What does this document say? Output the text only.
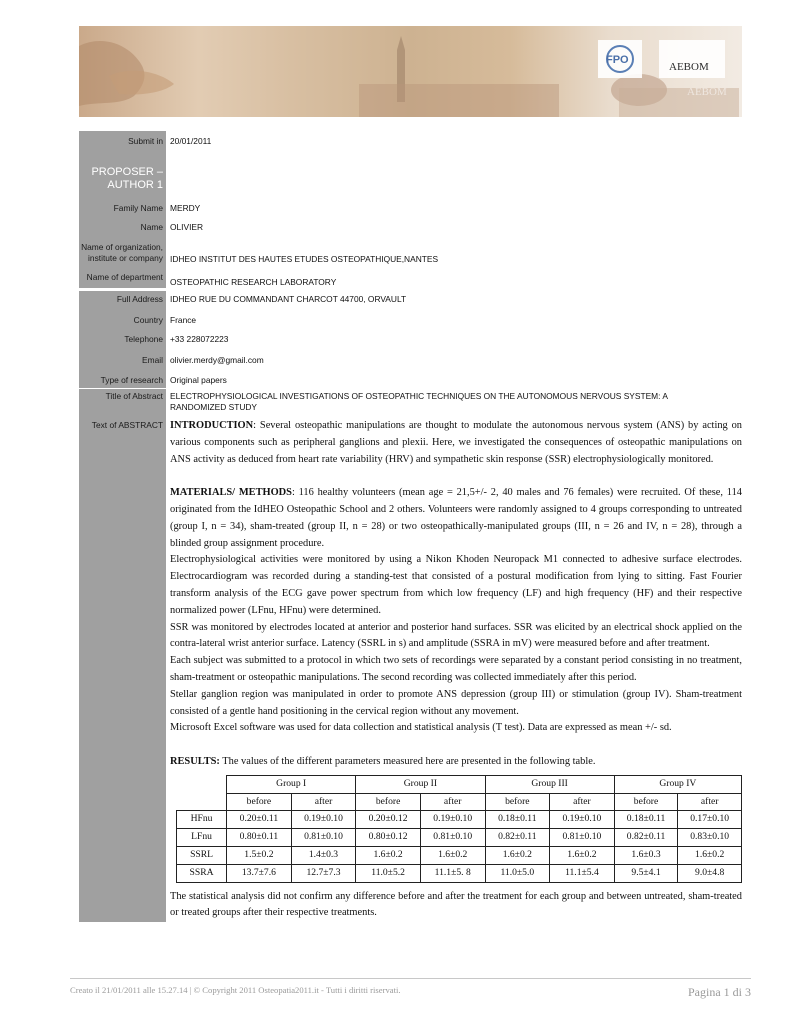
FPO
AEBOM
AEBOM
Submit in 20/01/2011
PROPOSER – AUTHOR 1
Family Name MERDY
Name OLIVIER
Name of organization, institute or company IDHEO INSTITUT DES HAUTES ETUDES OSTEOPATHIQUE,NANTES
Name of department OSTEOPATHIC RESEARCH LABORATORY
Full Address IDHEO RUE DU COMMANDANT CHARCOT 44700, ORVAULT
Country France
Telephone +33 228072223
Email olivier.merdy@gmail.com
Type of research Original papers
Title of Abstract ELECTROPHYSIOLOGICAL INVESTIGATIONS OF OSTEOPATHIC TECHNIQUES ON THE AUTONOMOUS NERVOUS SYSTEM: A RANDOMIZED STUDY
Text of ABSTRACT INTRODUCTION: Several osteopathic manipulations are thought to modulate the autonomous nervous system (ANS) by acting on various components such as peripheral ganglions and plexii. Here, we investigated the consequences of osteopathic manipulations on ANS activity as deduced from heart rate variability (HRV) and sympathetic skin response (SSR) electrophysiologically monitored.

MATERIALS/ METHODS: 116 healthy volunteers (mean age = 21,5+/- 2, 40 males and 76 females) were recruited. Of these, 114 originated from the IdHEO Osteopathic School and 2 others. Volunteers were randomly assigned to 4 groups corresponding to untreated (group I, n = 34), sham-treated (group II, n = 28) or two osteopathically-manipulated groups (III, n = 26 and IV, n = 28), through a blinded group assignment procedure.

Electrophysiological activities were monitored by using a Nikon Khoden Neuropack M1 connected to adhesive surface electrodes. Electrocardiogram was recorded during a standing-test that consisted of a postural modification from lying to sitting. Fast Fourier transform analysis of the ECG gave power spectrum from which low frequency (LF) and high frequency (HF) and their respective normalized power (LFnu, HFnu) were determined.

SSR was monitored by electrodes located at anterior and posterior hand surfaces. SSR was elicited by an electrical shock applied on the contra-lateral wrist anterior surface. Latency (SSRL in s) and amplitude (SSRA in mV) were measured before and after treatment.

Each subject was submitted to a protocol in which two sets of recordings were separated by a constant period consisting in no treatment, sham-treatment or osteopathic manipulations. The second recording was collected immediately after this period.

Stellar ganglion region was manipulated in order to promote ANS depression (group III) or stimulation (group IV). Sham-treatment consisted of a gentle hand positioning in the cervical region without any movement.

Microsoft Excel software was used for data collection and statistical analysis (T test). Data are expressed as mean +/- sd.

RESULTS: The values of the different parameters measured here are presented in the following table.

	Group I		Group II		Group III		Group IV	
	before	after	before	after	before	after	before	after
HFnu	0.20±0.11	0.19±0.10	0.20±0.12	0.19±0.10	0.18±0.11	0.19±0.10	0.18±0.11	0.17±0.10
LFnu	0.80±0.11	0.81±0.10	0.80±0.12	0.81±0.10	0.82±0.11	0.81±0.10	0.82±0.11	0.83±0.10
SSRL	1.5±0.2	1.4±0.3	1.6±0.2	1.6±0.2	1.6±0.2	1.6±0.2	1.6±0.3	1.6±0.2
SSRA	13.7±7.6	12.7±7.3	11.0±5.2	11.1±5. 8	11.0±5.0	11.1±5.4	9.5±4.1	9.0±4.8

The statistical analysis did not confirm any difference before and after the treatment for each group and between untreated, sham-treated or treated groups after their respective treatments.

Creato il 21/01/2011 alle 15.27.14 | © Copyright 2011 Osteopatia2011.it - Tutti i diritti riservati.	Pagina 1 di 3
